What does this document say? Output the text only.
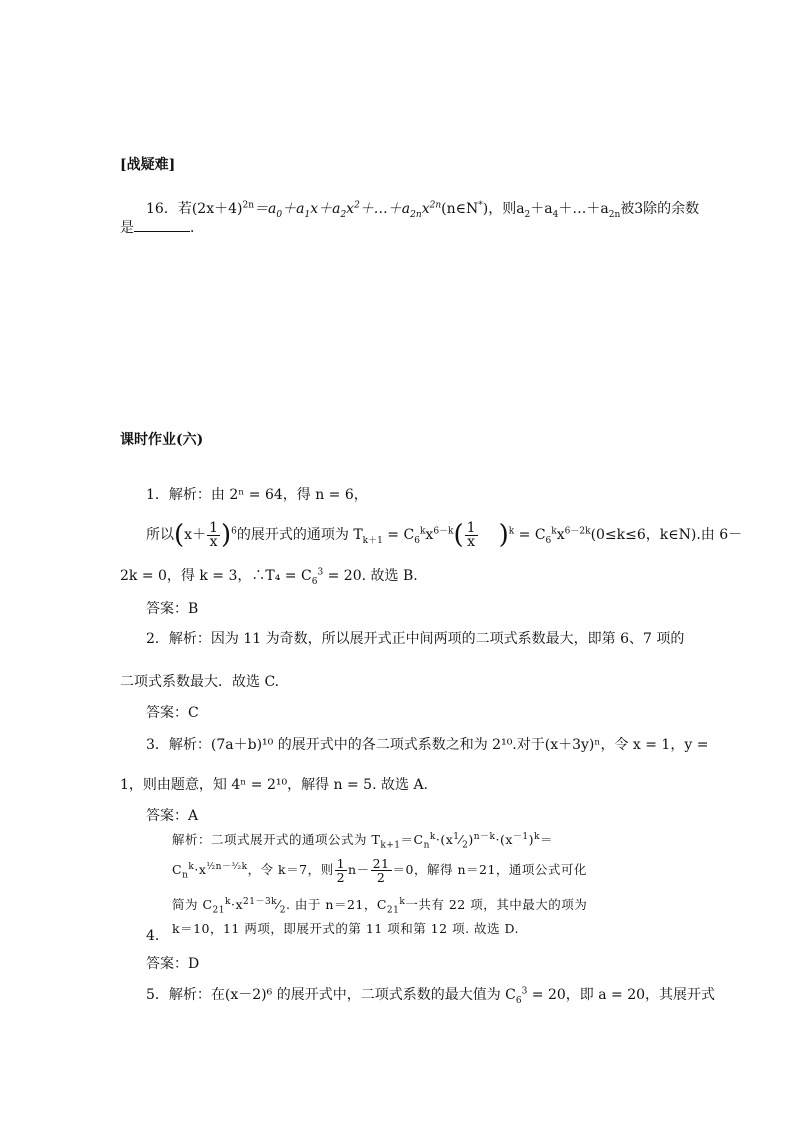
[战疑难]
16．若$(2x+4)^{2n}=a_0+a_1x+a_2x^2+\dots+a_{2n}x^{2n}(n\in N^*)$，则$a_2+a_4+\dots+a_{2n}$被3除的余数
是	．
课时作业(六)
1．解析：由 2ⁿ = 64，得 n = 6，
所以$(x+ \frac{1}{x} )^6$的展开式的通项为 $T_{k+1} = C_6^kx^{6-k}( \frac{1}{x} )^k = C_6^kx^{6-2k}(0\le k\le 6$，k∈N).由 6－
2k = 0，得 k = 3，∴T₄ = $C_6^3 = 20$. 故选 B.
答案：B
2．解析：因为 11 为奇数，所以展开式正中间两项的二项式系数最大，即第 6、7 项的
二项式系数最大．故选 C.
答案：C
3．解析：(7a＋b)¹⁰ 的展开式中的各二项式系数之和为 2¹⁰.对于(x＋3y)ⁿ，令 x = 1，y =
1，则由题意，知 4ⁿ = 2¹⁰，解得 n = 5. 故选 A.
答案：A
解析：二项式展开式的通项公式为 $T_{k+1}=C_n^k\cdot(x^1⁄_2)^{n-k}\cdot(x^{-1})^k=$
$C_n^k\cdot x^{\frac{1}{2}n-^3⁄_2k}$，令 k＝7，则 $\frac{1}{2} n- \frac{21}{2} =0$，解得 n＝21，通项公式可化
简为 $C_{21}^k\cdot x^{21-3k}⁄_2$. 由于 n＝21，$C_{21}^k$一共有 22 项，其中最大的项为
4． k＝10，11 两项，即展开式的第 11 项和第 12 项. 故选 D.
答案：D
5．解析：在(x－2)⁶ 的展开式中，二项式系数的最大值为 $C_6^3 = 20$，即 a = 20，其展开式
